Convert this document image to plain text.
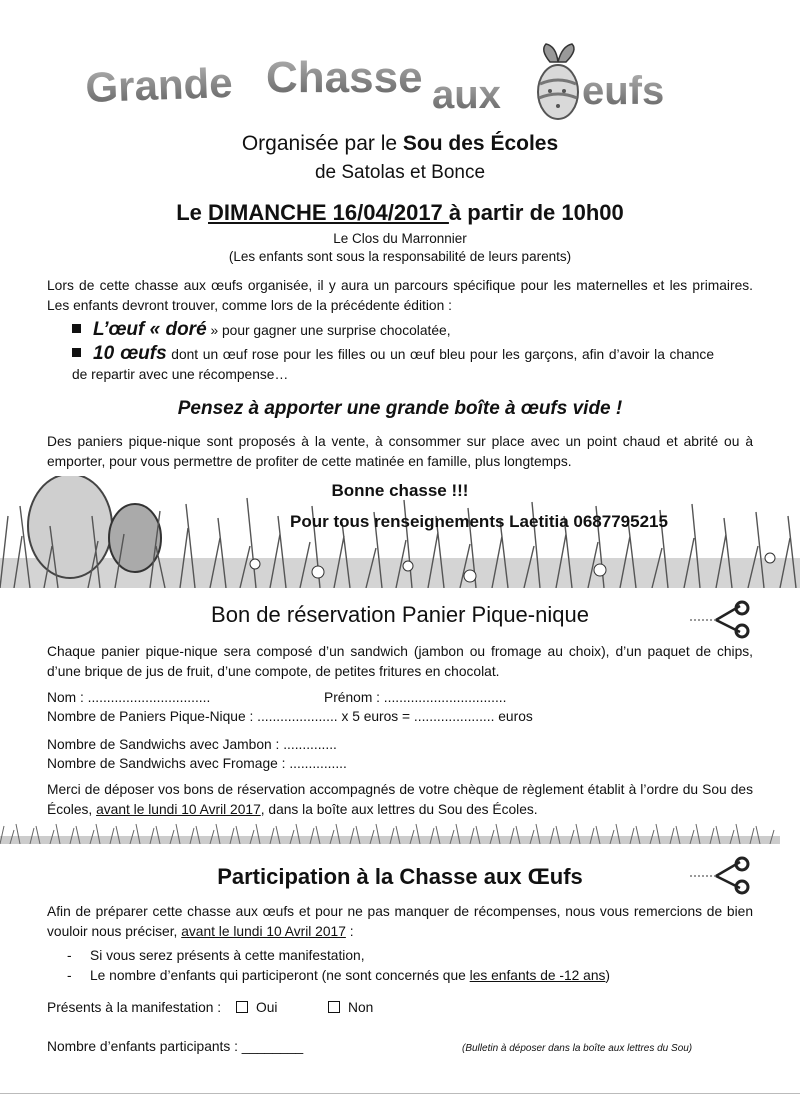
Grande Chasse aux eufs
Organisée par le Sou des Écoles
de Satolas et Bonce
Le DIMANCHE 16/04/2017 à partir de 10h00
Le Clos du Marronnier
(Les enfants sont sous la responsabilité de leurs parents)
Lors de cette chasse aux œufs organisée, il y aura un parcours spécifique pour les maternelles et les primaires. Les enfants devront trouver, comme lors de la précédente édition :
L’œuf « doré » pour gagner une surprise chocolatée,
10 œufs dont un œuf rose pour les filles ou un œuf bleu pour les garçons, afin d’avoir la chance de repartir avec une récompense…
Pensez à apporter une grande boîte à œufs vide !
Des paniers pique-nique sont proposés à la vente, à consommer sur place avec un point chaud et abrité ou à emporter, pour vous permettre de profiter de cette matinée en famille, plus longtemps.
Bonne chasse !!!
Pour tous renseignements Laetitia 0687795215
Bon de réservation Panier Pique-nique
Chaque panier pique-nique sera composé d’un sandwich (jambon ou fromage au choix), d’un paquet de chips, d’une brique de jus de fruit, d’une compote, de petites fritures en chocolat.
Nom : ................................	Prénom : ................................
Nombre de Paniers Pique-Nique : ..................... x 5 euros = ..................... euros
Nombre de Sandwichs avec Jambon : ..............
Nombre de Sandwichs avec Fromage : ...............
Merci de déposer vos bons de réservation accompagnés de votre chèque de règlement établit à l’ordre du Sou des Écoles, avant le lundi 10 Avril 2017, dans la boîte aux lettres du Sou des Écoles.
Participation à la Chasse aux Œufs
Afin de préparer cette chasse aux œufs et pour ne pas manquer de récompenses, nous vous remercions de bien vouloir nous préciser, avant le lundi 10 Avril 2017 :
- Si vous serez présents à cette manifestation,
- Le nombre d’enfants qui participeront (ne sont concernés que les enfants de -12 ans)
Présents à la manifestation :	Oui	Non
Nombre d’enfants participants : ________	(Bulletin à déposer dans la boîte aux lettres du Sou)
